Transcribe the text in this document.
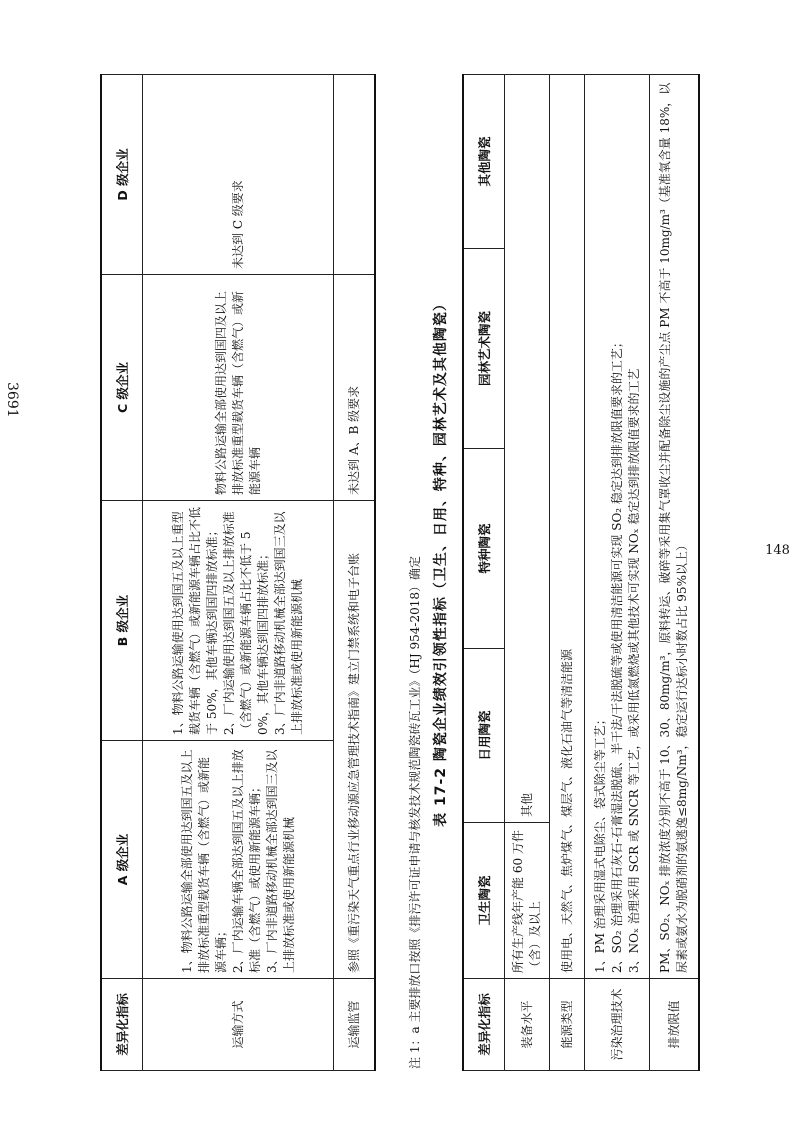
3691
差异化指标	A 级企业	B 级企业	C 级企业	D 级企业
运输方式	1、物料公路运输全部使用达到国五及以上排放标准重型载货车辆（含燃气）或新能源车辆；
2、厂内运输车辆全部达到国五及以上排放标准（含燃气）或使用新能源车辆；
3、厂内非道路移动机械全部达到国三及以上排放标准或使用新能源机械	1、物料公路运输使用达到国五及以上重型载货车辆（含燃气）或新能源车辆占比不低于 50%，其他车辆达到国四排放标准；
2、厂内运输使用达到国五及以上排放标准（含燃气）或新能源车辆占比不低于 50%，其他车辆达到国四排放标准；
3、厂内非道路移动机械全部达到国三及以上排放标准或使用新能源机械	物料公路运输全部使用达到国四及以上排放标准重型载货车辆（含燃气）或新能源车辆	未达到 C 级要求
运输监管	参照《重污染天气重点行业移动源应急管理技术指南》建立门禁系统和电子台账		未达到 A、B 级要求	
注 1：a 主要排放口按照《排污许可证申请与核发技术规范陶瓷砖瓦工业》（HJ 954-2018）确定 表 17-2 陶瓷企业绩效引领性指标（卫生、日用、特种、园林艺术及其他陶瓷）
差异化指标	卫生陶瓷	日用陶瓷	特种陶瓷	园林艺术陶瓷	其他陶瓷
装备水平	所有生产线年产能 60 万件（含）及以上	其他			
能源类型	使用电、天然气、焦炉煤气、煤层气、液化石油气等清洁能源				
污染治理技术	1、PM 治理采用湿式电除尘、袋式除尘等工艺；
2、SO₂ 治理采用石灰石-石膏湿法脱硫、半干法/干法脱硫等或使用清洁能源可实现 SO₂ 稳定达到排放限值要求的工艺；
3、NOₓ 治理采用 SCR 或 SNCR 等工艺，或采用低氮燃烧或其他技术可实现 NOₓ 稳定达到排放限值要求的工艺				
排放限值	PM、SO₂、NOₓ 排放浓度分别不高于 10、30、80mg/m³，原料转运、破碎等采用集气罩收尘并配备除尘设施的产尘点 PM 不高于 10mg/m³（基准氧含量 18%，以尿素或氨水为脱硝剂的氨逃逸≤8mg/Nm³，稳定运行达标小时数占比 95%以上）					148
